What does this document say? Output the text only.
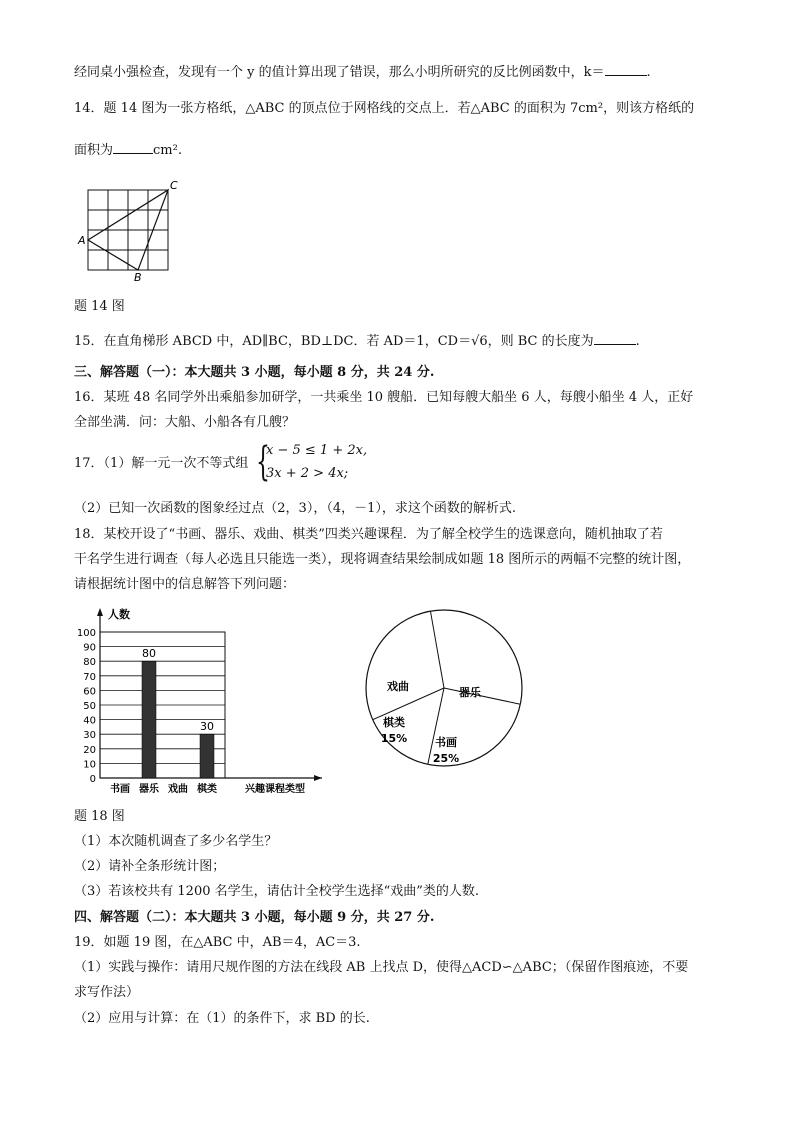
经同桌小强检查，发现有一个 y 的值计算出现了错误，那么小明所研究的反比例函数中，k＝	.
14．题 14 图为一张方格纸，△ABC 的顶点位于网格线的交点上．若△ABC 的面积为 7cm²，则该方格纸的
面积为	cm².
A
C
B
题 14 图
15．在直角梯形 ABCD 中，AD∥BC，BD⊥DC．若 AD＝1，CD＝√6，则 BC 的长度为	.
三、解答题（一）：本大题共 3 小题，每小题 8 分，共 24 分.
16．某班 48 名同学外出乘船参加研学，一共乘坐 10 艘船．已知每艘大船坐 6 人，每艘小船坐 4 人，正好
全部坐满．问：大船、小船各有几艘？
17．（1）解一元一次不等式组 {
x − 5 ≤ 1 + 2x,
3x + 2 > 4x;
（2）已知一次函数的图象经过点（2，3），（4，－1），求这个函数的解析式.
18．某校开设了“书画、器乐、戏曲、棋类”四类兴趣课程．为了解全校学生的选课意向，随机抽取了若
干名学生进行调查（每人必选且只能选一类），现将调查结果绘制成如题 18 图所示的两幅不完整的统计图，
请根据统计图中的信息解答下列问题：
0
10
20
30
40
50
60
70
80
90
100
人数
兴趣课程类型
书画 器乐
80
戏曲 棋类
30
戏曲	器乐
书画
25%
棋类
15%
题 18 图
（1）本次随机调查了多少名学生？
（2）请补全条形统计图；
（3）若该校共有 1200 名学生，请估计全校学生选择“戏曲”类的人数.
四、解答题（二）：本大题共 3 小题，每小题 9 分，共 27 分.
19．如题 19 图，在△ABC 中，AB＝4，AC＝3.
（1）实践与操作：请用尺规作图的方法在线段 AB 上找点 D，使得△ACD∽△ABC；（保留作图痕迹，不要
求写作法）
（2）应用与计算：在（1）的条件下，求 BD 的长.
